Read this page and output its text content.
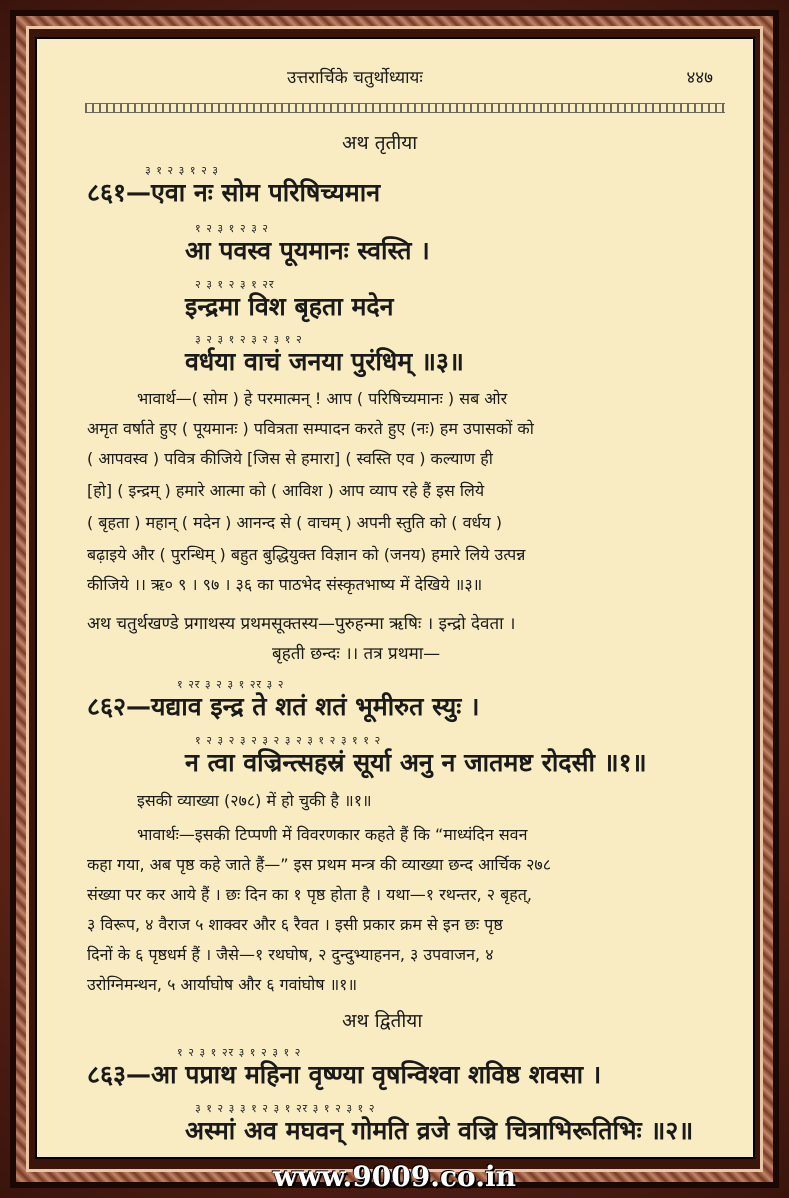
उत्तरार्चिके चतुर्थोध्यायः	४४७
अथ तृतीया
३ १ २ ३ १ २ ३
८६१—एवा नः सोम परिषिच्यमान
१ २ ३ १ २ ३ २
आ पवस्व पूयमानः स्वस्ति ।
२ ३ १ २ ३ १ २र
इन्द्रमा विश बृहता मदेन
३ २ ३ १ २ ३ २ ३ १ २
वर्धया वाचं जनया पुरंधिम् ॥३॥
भावार्थ—( सोम ) हे परमात्मन् ! आप ( परिषिच्यमानः ) सब ओर
अमृत वर्षाते हुए ( पूयमानः ) पवित्रता सम्पादन करते हुए (नः) हम उपासकों को
( आपवस्व ) पवित्र कीजिये [जिस से हमारा] ( स्वस्ति एव ) कल्याण ही
[हो] ( इन्द्रम् ) हमारे आत्मा को ( आविश ) आप व्याप रहे हैं इस लिये
( बृहता ) महान् ( मदेन ) आनन्द से ( वाचम् ) अपनी स्तुति को ( वर्धय )
बढ़ाइये और ( पुरन्धिम् ) बहुत बुद्धियुक्त विज्ञान को (जनय) हमारे लिये उत्पन्न
कीजिये ।। ऋ० ९ । ९७ । ३६ का पाठभेद संस्कृतभाष्य में देखिये ॥३॥
अथ चतुर्थखण्डे प्रगाथस्य प्रथमसूक्तस्य—पुरुहन्मा ऋषिः । इन्द्रो देवता ।
बृहती छन्दः ।। तत्र प्रथमा—
१ २र ३ २ ३ १ २र ३ २
८६२—यद्याव इन्द्र ते शतं शतं भूमीरुत स्युः ।
१ २ ३ २ ३ २ ३ २ ३ २ ३ १ २ ३ १ १ २
न त्वा वज्रिन्त्सहस्रं सूर्या अनु न जातमष्ट रोदसी ॥१॥
इसकी व्याख्या (२७८) में हो चुकी है ॥१॥
भावार्थः—इसकी टिप्पणी में विवरणकार कहते हैं कि “माध्यंदिन सवन
कहा गया, अब पृष्ठ कहे जाते हैं—” इस प्रथम मन्त्र की व्याख्या छन्द आर्चिक २७८
संख्या पर कर आये हैं । छः दिन का १ पृष्ठ होता है । यथा—१ रथन्तर, २ बृहत्,
३ विरूप, ४ वैराज ५ शाक्वर और ६ रैवत । इसी प्रकार क्रम से इन छः पृष्ठ
दिनों के ६ पृष्ठधर्म हैं । जैसे—१ रथघोष, २ दुन्दुभ्याहनन, ३ उपवाजन, ४
उरोग्निमन्थन, ५ आर्याघोष और ६ गवांघोष ॥१॥
अथ द्वितीया
१ २ ३ १ २र ३ १ २ ३ १ २
८६३—आ पप्राथ महिना वृष्ण्या वृषन्विश्वा शविष्ठ शवसा ।
३ १ २ ३ ३ १ २ ३ १ २र ३ १ २ ३ १ २
अस्मां अव मघवन् गोमति व्रजे वज्रि चित्राभिरूतिभिः ॥२॥
www.9009.co.in
